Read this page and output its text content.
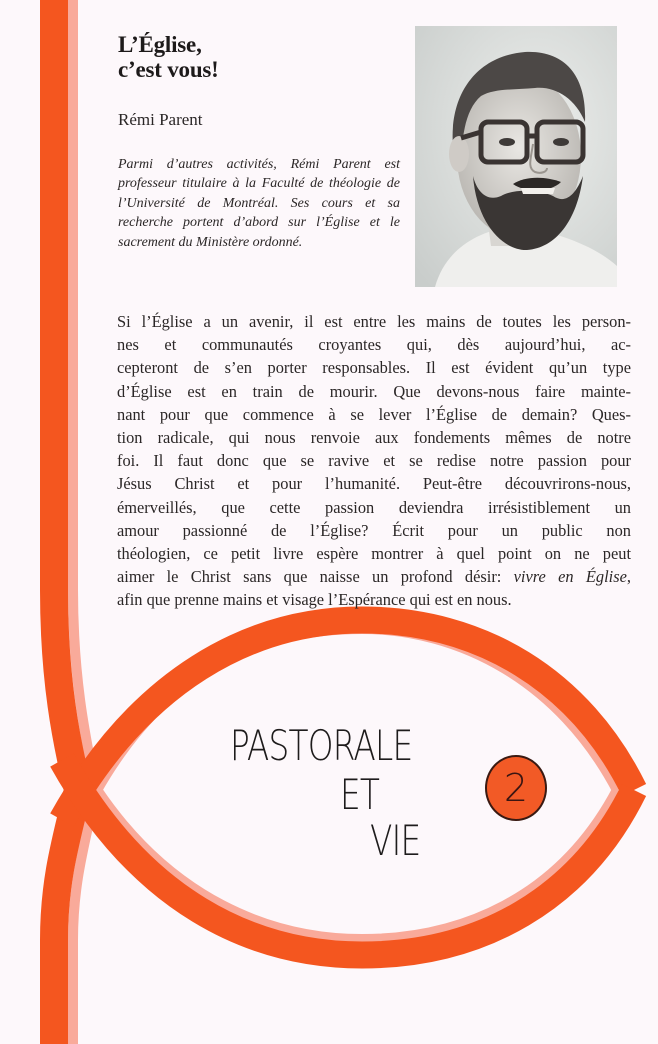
L’Église,
c’est vous!
Rémi Parent
Parmi d’autres activités, Rémi Parent est professeur titulaire à la Faculté de théologie de l’Université de Montréal. Ses cours et sa recherche portent d’abord sur l’Église et le sacrement du Ministère ordonné.
Si l’Église a un avenir, il est entre les mains de toutes les person-
nes et communautés croyantes qui, dès aujourd’hui, ac-
cepteront de s’en porter responsables. Il est évident qu’un type
d’Église est en train de mourir. Que devons-nous faire mainte-
nant pour que commence à se lever l’Église de demain? Ques-
tion radicale, qui nous renvoie aux fondements mêmes de notre
foi. Il faut donc que se ravive et se redise notre passion pour
Jésus Christ et pour l’humanité. Peut-être découvrirons-nous,
émerveillés, que cette passion deviendra irrésistiblement un
amour passionné de l’Église? Écrit pour un public non
théologien, ce petit livre espère montrer à quel point on ne peut
aimer le Christ sans que naisse un profond désir: vivre en Église,
afin que prenne mains et visage l’Espérance qui est en nous.
PASTORALE
ET
VIE
2
